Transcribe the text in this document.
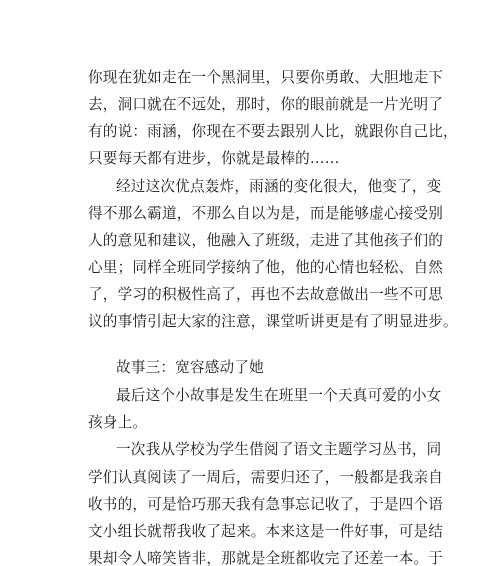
你现在犹如走在一个黑洞里，只要你勇敢、大胆地走下
去，洞口就在不远处，那时，你的眼前就是一片光明了
有的说：雨涵，你现在不要去跟别人比，就跟你自己比，
只要每天都有进步，你就是最棒的……
经过这次优点轰炸，雨涵的变化很大，他变了，变
得不那么霸道，不那么自以为是，而是能够虚心接受别
人的意见和建议，他融入了班级，走进了其他孩子们的
心里；同样全班同学接纳了他，他的心情也轻松、自然
了，学习的积极性高了，再也不去故意做出一些不可思
议的事情引起大家的注意，课堂听讲更是有了明显进步。
故事三：宽容感动了她
最后这个小故事是发生在班里一个天真可爱的小女
孩身上。
一次我从学校为学生借阅了语文主题学习丛书，同
学们认真阅读了一周后，需要归还了，一般都是我亲自
收书的，可是恰巧那天我有急事忘记收了，于是四个语
文小组长就帮我收了起来。本来这是一件好事，可是结
果却令人啼笑皆非，那就是全班都收完了还差一本。于
